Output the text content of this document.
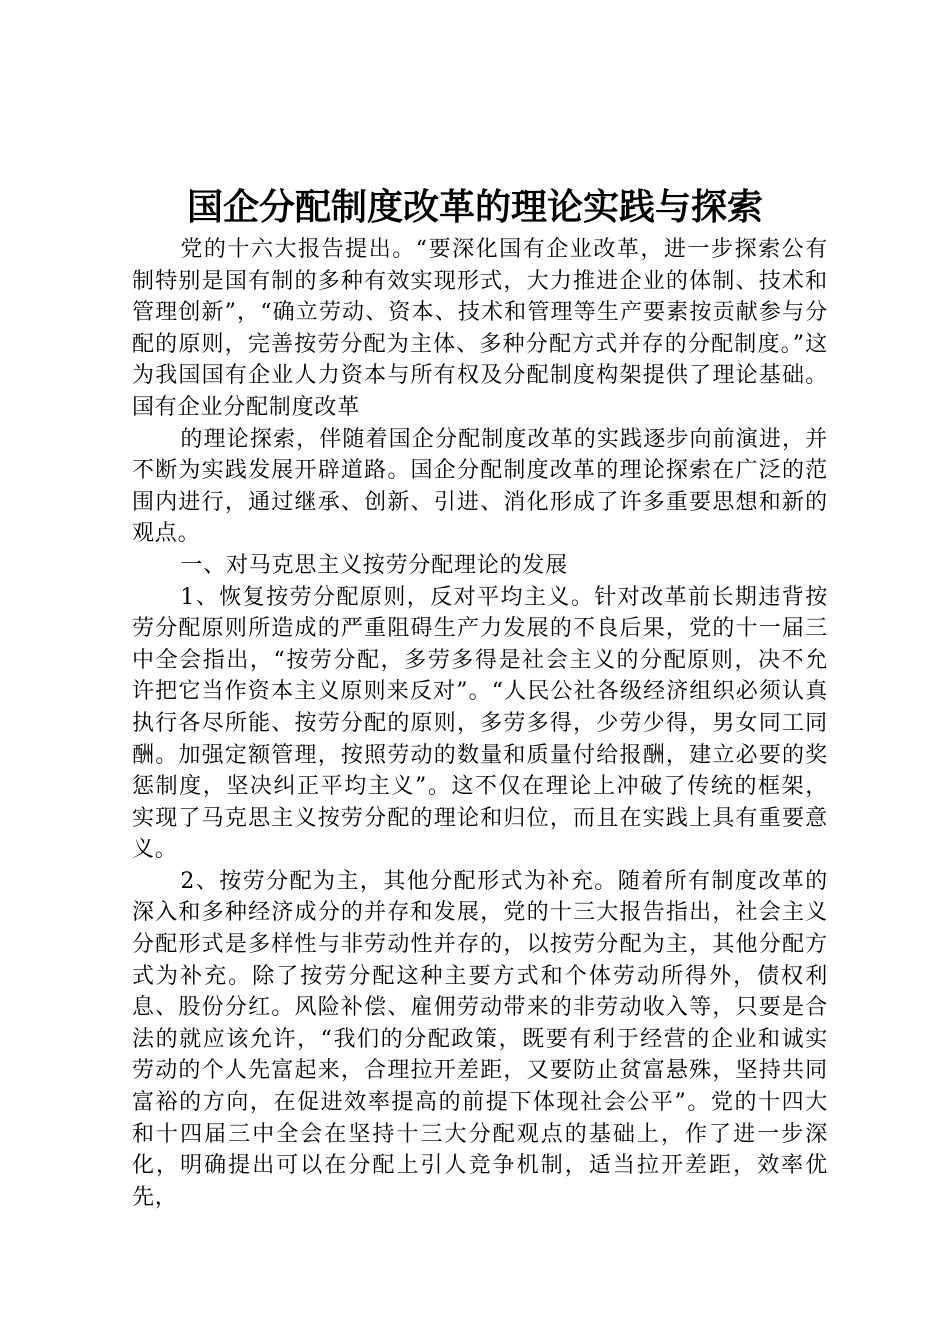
国企分配制度改革的理论实践与探索

党的十六大报告提出。“要深化国有企业改革，进一步探索公有制特别是国有制的多种有效实现形式，大力推进企业的体制、技术和管理创新”，“确立劳动、资本、技术和管理等生产要素按贡献参与分配的原则，完善按劳分配为主体、多种分配方式并存的分配制度。”这为我国国有企业人力资本与所有权及分配制度构架提供了理论基础。国有企业分配制度改革

的理论探索，伴随着国企分配制度改革的实践逐步向前演进，并不断为实践发展开辟道路。国企分配制度改革的理论探索在广泛的范围内进行，通过继承、创新、引进、消化形成了许多重要思想和新的观点。

一、对马克思主义按劳分配理论的发展

1、恢复按劳分配原则，反对平均主义。针对改革前长期违背按劳分配原则所造成的严重阻碍生产力发展的不良后果，党的十一届三中全会指出，“按劳分配，多劳多得是社会主义的分配原则，决不允许把它当作资本主义原则来反对”。“人民公社各级经济组织必须认真执行各尽所能、按劳分配的原则，多劳多得，少劳少得，男女同工同酬。加强定额管理，按照劳动的数量和质量付给报酬，建立必要的奖惩制度，坚决纠正平均主义”。这不仅在理论上冲破了传统的框架，实现了马克思主义按劳分配的理论和归位，而且在实践上具有重要意义。

2、按劳分配为主，其他分配形式为补充。随着所有制度改革的深入和多种经济成分的并存和发展，党的十三大报告指出，社会主义分配形式是多样性与非劳动性并存的，以按劳分配为主，其他分配方式为补充。除了按劳分配这种主要方式和个体劳动所得外，债权利息、股份分红。风险补偿、雇佣劳动带来的非劳动收入等，只要是合法的就应该允许，“我们的分配政策，既要有利于经营的企业和诚实劳动的个人先富起来，合理拉开差距，又要防止贫富悬殊，坚持共同富裕的方向，在促进效率提高的前提下体现社会公平”。党的十四大和十四届三中全会在坚持十三大分配观点的基础上，作了进一步深化，明确提出可以在分配上引人竞争机制，适当拉开差距，效率优先，
